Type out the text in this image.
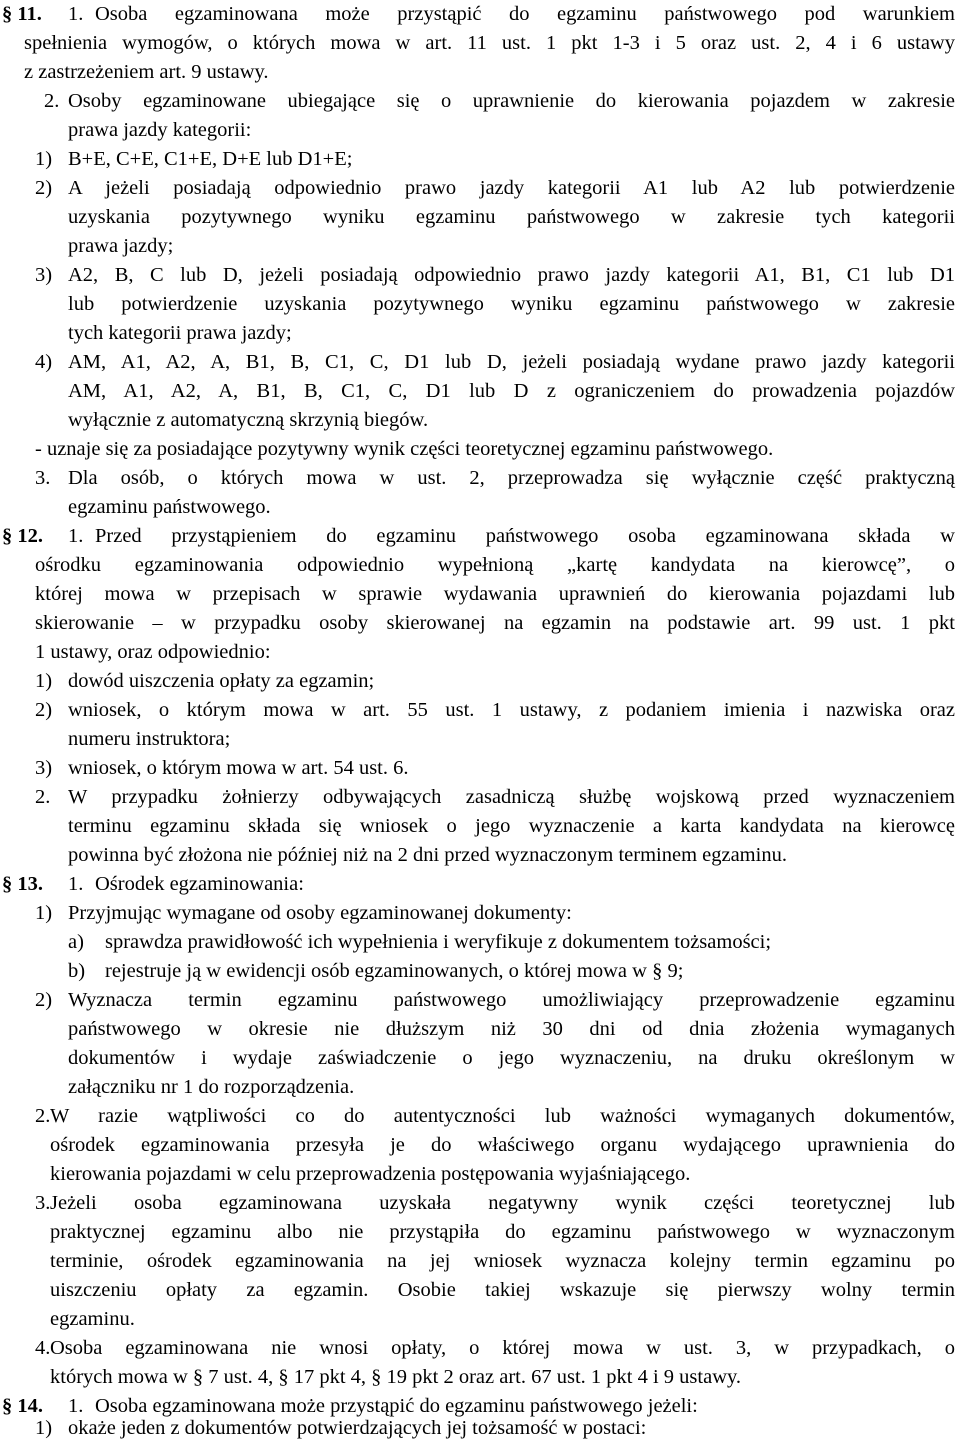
§ 11. 1. Osoba egzaminowana może przystąpić do egzaminu państwowego pod warunkiem
spełnienia wymogów, o których mowa w art. 11 ust. 1 pkt 1-3 i 5 oraz ust. 2, 4 i 6 ustawy
z zastrzeżeniem art. 9 ustawy.
2. Osoby egzaminowane ubiegające się o uprawnienie do kierowania pojazdem w zakresie
prawa jazdy kategorii:
1) B+E, C+E, C1+E, D+E lub D1+E;
2) A jeżeli posiadają odpowiednio prawo jazdy kategorii A1 lub A2 lub potwierdzenie
uzyskania pozytywnego wyniku egzaminu państwowego w zakresie tych kategorii
prawa jazdy;
3) A2, B, C lub D, jeżeli posiadają odpowiednio prawo jazdy kategorii A1, B1, C1 lub D1
lub potwierdzenie uzyskania pozytywnego wyniku egzaminu państwowego w zakresie
tych kategorii prawa jazdy;
4) AM, A1, A2, A, B1, B, C1, C, D1 lub D, jeżeli posiadają wydane prawo jazdy kategorii
AM, A1, A2, A, B1, B, C1, C, D1 lub D z ograniczeniem do prowadzenia pojazdów
wyłącznie z automatyczną skrzynią biegów.
- uznaje się za posiadające pozytywny wynik części teoretycznej egzaminu państwowego.
3. Dla osób, o których mowa w ust. 2, przeprowadza się wyłącznie część praktyczną
egzaminu państwowego.
§ 12. 1. Przed przystąpieniem do egzaminu państwowego osoba egzaminowana składa w
ośrodku egzaminowania odpowiednio wypełnioną „kartę kandydata na kierowcę”, o
której mowa w przepisach w sprawie wydawania uprawnień do kierowania pojazdami lub
skierowanie – w przypadku osoby skierowanej na egzamin na podstawie art. 99 ust. 1 pkt
1 ustawy, oraz odpowiednio:
1) dowód uiszczenia opłaty za egzamin;
2) wniosek, o którym mowa w art. 55 ust. 1 ustawy, z podaniem imienia i nazwiska oraz
numeru instruktora;
3) wniosek, o którym mowa w art. 54 ust. 6.
2. W przypadku żołnierzy odbywających zasadniczą służbę wojskową przed wyznaczeniem
terminu egzaminu składa się wniosek o jego wyznaczenie a karta kandydata na kierowcę
powinna być złożona nie później niż na 2 dni przed wyznaczonym terminem egzaminu.
§ 13. 1. Ośrodek egzaminowania:
1) Przyjmując wymagane od osoby egzaminowanej dokumenty:
a) sprawdza prawidłowość ich wypełnienia i weryfikuje z dokumentem tożsamości;
b) rejestruje ją w ewidencji osób egzaminowanych, o której mowa w § 9;
2) Wyznacza termin egzaminu państwowego umożliwiający przeprowadzenie egzaminu
państwowego w okresie nie dłuższym niż 30 dni od dnia złożenia wymaganych
dokumentów i wydaje zaświadczenie o jego wyznaczeniu, na druku określonym w
załączniku nr 1 do rozporządzenia.
2. W razie wątpliwości co do autentyczności lub ważności wymaganych dokumentów,
ośrodek egzaminowania przesyła je do właściwego organu wydającego uprawnienia do
kierowania pojazdami w celu przeprowadzenia postępowania wyjaśniającego.
3. Jeżeli osoba egzaminowana uzyskała negatywny wynik części teoretycznej lub
praktycznej egzaminu albo nie przystąpiła do egzaminu państwowego w wyznaczonym
terminie, ośrodek egzaminowania na jej wniosek wyznacza kolejny termin egzaminu po
uiszczeniu opłaty za egzamin. Osobie takiej wskazuje się pierwszy wolny termin
egzaminu.
4. Osoba egzaminowana nie wnosi opłaty, o której mowa w ust. 3, w przypadkach, o
których mowa w § 7 ust. 4, § 17 pkt 4, § 19 pkt 2 oraz art. 67 ust. 1 pkt 4 i 9 ustawy.
§ 14. 1. Osoba egzaminowana może przystąpić do egzaminu państwowego jeżeli:
1) okaże jeden z dokumentów potwierdzających jej tożsamość w postaci:
